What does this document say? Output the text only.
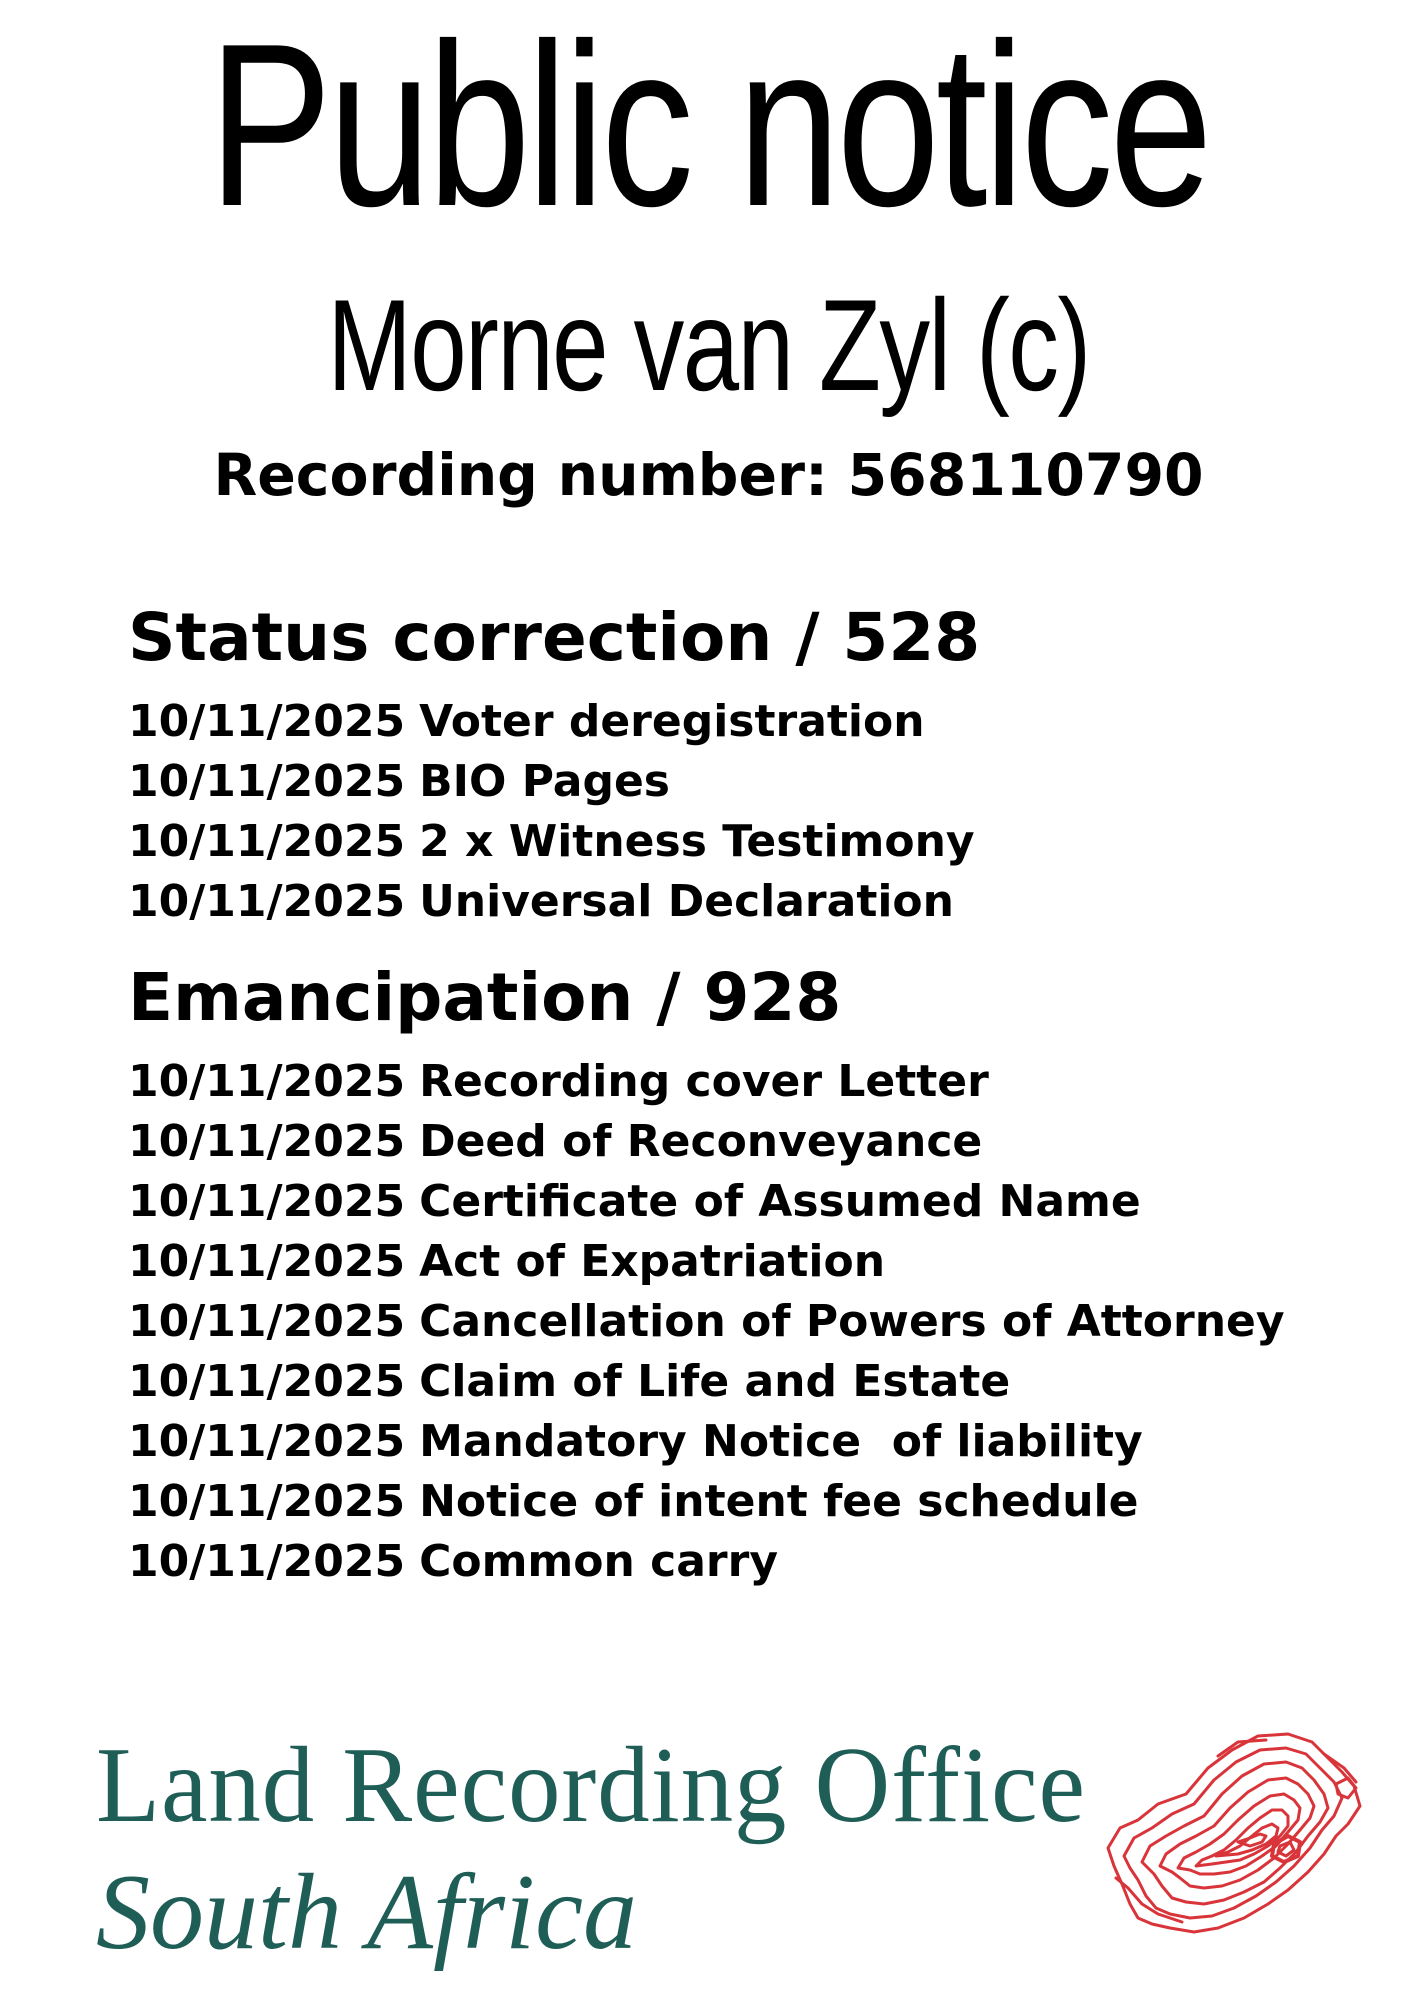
Public notice
Morne van Zyl (c)
Recording number: 568110790
Status correction / 528
10/11/2025 Voter deregistration
10/11/2025 BIO Pages
10/11/2025 2 x Witness Testimony
10/11/2025 Universal Declaration
Emancipation / 928
10/11/2025 Recording cover Letter
10/11/2025 Deed of Reconveyance
10/11/2025 Certificate of Assumed Name
10/11/2025 Act of Expatriation
10/11/2025 Cancellation of Powers of Attorney
10/11/2025 Claim of Life and Estate
10/11/2025 Mandatory Notice  of liability
10/11/2025 Notice of intent fee schedule
10/11/2025 Common carry
Land Recording Office
South Africa
